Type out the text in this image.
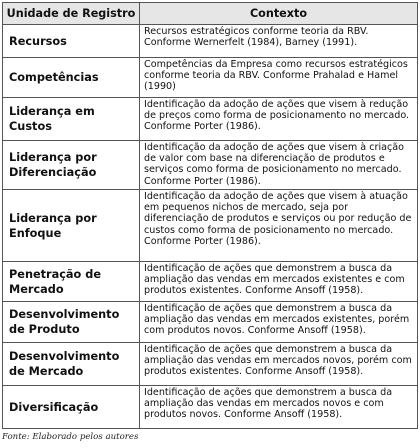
Unidade de Registro	Contexto
Recursos	Recursos estratégicos conforme teoria da RBV. Conforme Wernerfelt (1984), Barney (1991).
Competências	Competências da Empresa como recursos estratégicos conforme teoria da RBV. Conforme Prahalad e Hamel (1990)
Liderança em Custos	Identificação da adoção de ações que visem à redução de preços como forma de posicionamento no mercado. Conforme Porter (1986).
Liderança por Diferenciação	Identificação da adoção de ações que visem à criação de valor com base na diferenciação de produtos e serviços como forma de posicionamento no mercado. Conforme Porter (1986).
Liderança por Enfoque	Identificação da adoção de ações que visem à atuação em pequenos nichos de mercado, seja por diferenciação de produtos e serviços ou por redução de custos como forma de posicionamento no mercado. Conforme Porter (1986).
Penetração de Mercado	Identificação de ações que demonstrem a busca da ampliação das vendas em mercados existentes e com produtos existentes. Conforme Ansoff (1958).
Desenvolvimento de Produto	Identificação de ações que demonstrem a busca da ampliação das vendas em mercados existentes, porém com produtos novos. Conforme Ansoff (1958).
Desenvolvimento de Mercado	Identificação de ações que demonstrem a busca da ampliação das vendas em mercados novos, porém com produtos existentes. Conforme Ansoff (1958).
Diversificação	Identificação de ações que demonstrem a busca da ampliação das vendas em mercados novos e com produtos novos. Conforme Ansoff (1958).
Fonte: Elaborado pelos autores
